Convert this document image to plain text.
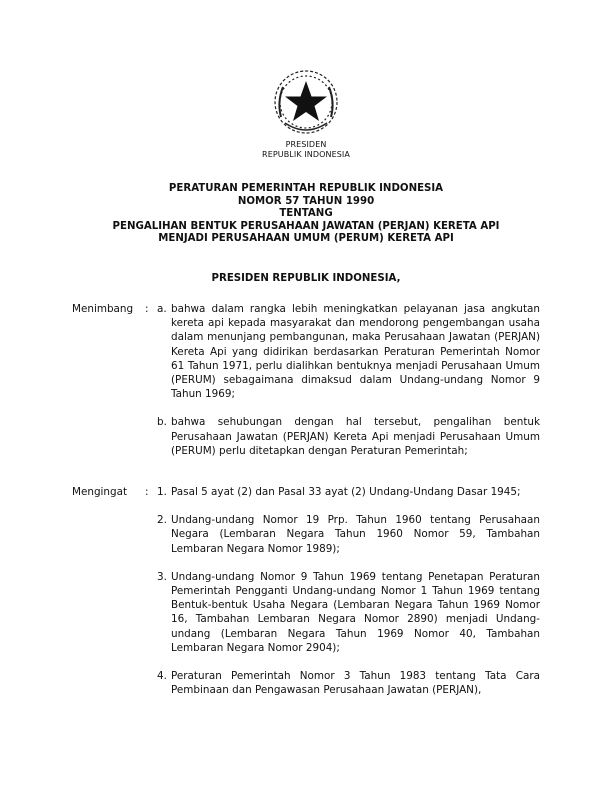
PRESIDEN
REPUBLIK INDONESIA
PERATURAN PEMERINTAH REPUBLIK INDONESIA
NOMOR 57 TAHUN 1990
TENTANG
PENGALIHAN BENTUK PERUSAHAAN JAWATAN (PERJAN) KERETA API
MENJADI PERUSAHAAN UMUM (PERUM) KERETA API
PRESIDEN REPUBLIK INDONESIA,
Menimbang : a. bahwa dalam rangka lebih meningkatkan pelayanan jasa angkutan kereta api kepada masyarakat dan mendorong pengembangan usaha dalam menunjang pembangunan, maka Perusahaan Jawatan (PERJAN) Kereta Api yang didirikan berdasarkan Peraturan Pemerintah Nomor 61 Tahun 1971, perlu dialihkan bentuknya menjadi Perusahaan Umum (PERUM) sebagaimana dimaksud dalam Undang-undang Nomor 9 Tahun 1969;
b. bahwa sehubungan dengan hal tersebut, pengalihan bentuk Perusahaan Jawatan (PERJAN) Kereta Api menjadi Perusahaan Umum (PERUM) perlu ditetapkan dengan Peraturan Pemerintah;
Mengingat : 1. Pasal 5 ayat (2) dan Pasal 33 ayat (2) Undang-Undang Dasar 1945;
2. Undang-undang Nomor 19 Prp. Tahun 1960 tentang Perusahaan Negara (Lembaran Negara Tahun 1960 Nomor 59, Tambahan Lembaran Negara Nomor 1989);
3. Undang-undang Nomor 9 Tahun 1969 tentang Penetapan Peraturan Pemerintah Pengganti Undang-undang Nomor 1 Tahun 1969 tentang Bentuk-bentuk Usaha Negara (Lembaran Negara Tahun 1969 Nomor 16, Tambahan Lembaran Negara Nomor 2890) menjadi Undang-undang (Lembaran Negara Tahun 1969 Nomor 40, Tambahan Lembaran Negara Nomor 2904);
4. Peraturan Pemerintah Nomor 3 Tahun 1983 tentang Tata Cara Pembinaan dan Pengawasan Perusahaan Jawatan (PERJAN),
